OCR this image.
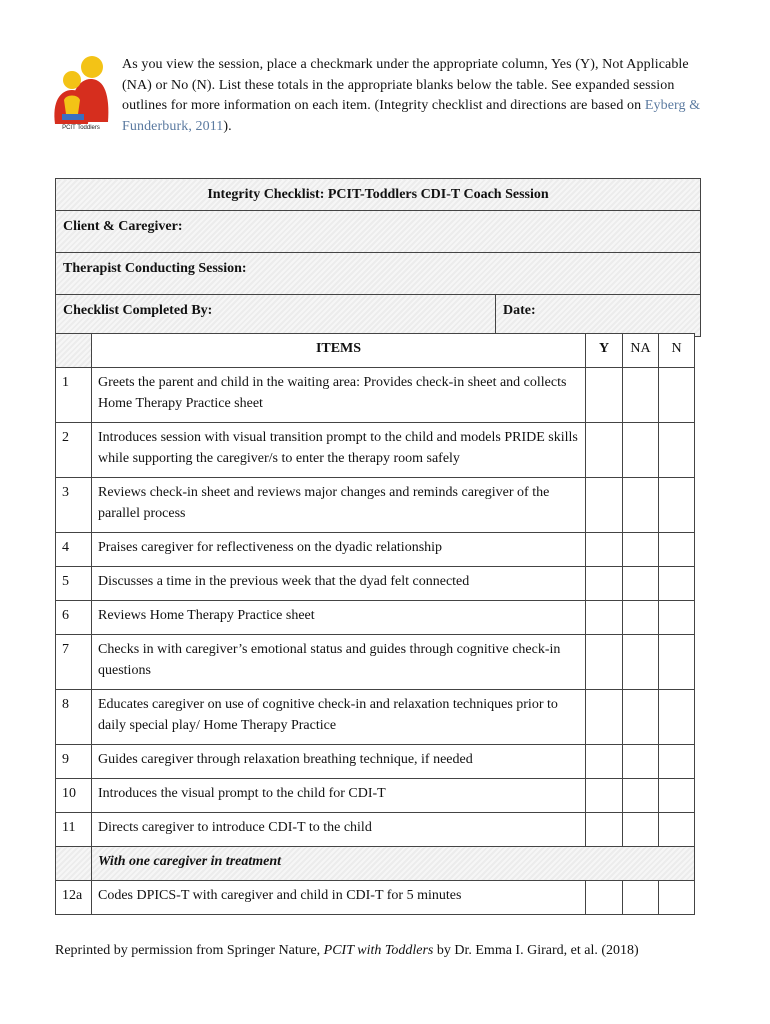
PCIT Toddlers
As you view the session, place a checkmark under the appropriate column, Yes (Y), Not Applicable (NA) or No (N). List these totals in the appropriate blanks below the table. See expanded session outlines for more information on each item. (Integrity checklist and directions are based on Eyberg & Funderburk, 2011).
Integrity Checklist: PCIT-Toddlers CDI-T Coach Session
Client & Caregiver:
Therapist Conducting Session:
Checklist Completed By:	Date:
	ITEMS	Y	NA	N
1	Greets the parent and child in the waiting area: Provides check-in sheet and collects Home Therapy Practice sheet			
2	Introduces session with visual transition prompt to the child and models PRIDE skills while supporting the caregiver/s to enter the therapy room safely			
3	Reviews check-in sheet and reviews major changes and reminds caregiver of the parallel process			
4	Praises caregiver for reflectiveness on the dyadic relationship			
5	Discusses a time in the previous week that the dyad felt connected			
6	Reviews Home Therapy Practice sheet			
7	Checks in with caregiver’s emotional status and guides through cognitive check-in questions			
8	Educates caregiver on use of cognitive check-in and relaxation techniques prior to daily special play/ Home Therapy Practice			
9	Guides caregiver through relaxation breathing technique, if needed			
10	Introduces the visual prompt to the child for CDI-T			
11	Directs caregiver to introduce CDI-T to the child			
	With one caregiver in treatment			
12a	Codes DPICS-T with caregiver and child in CDI-T for 5 minutes			
Reprinted by permission from Springer Nature, PCIT with Toddlers by Dr. Emma I. Girard, et al. (2018)
